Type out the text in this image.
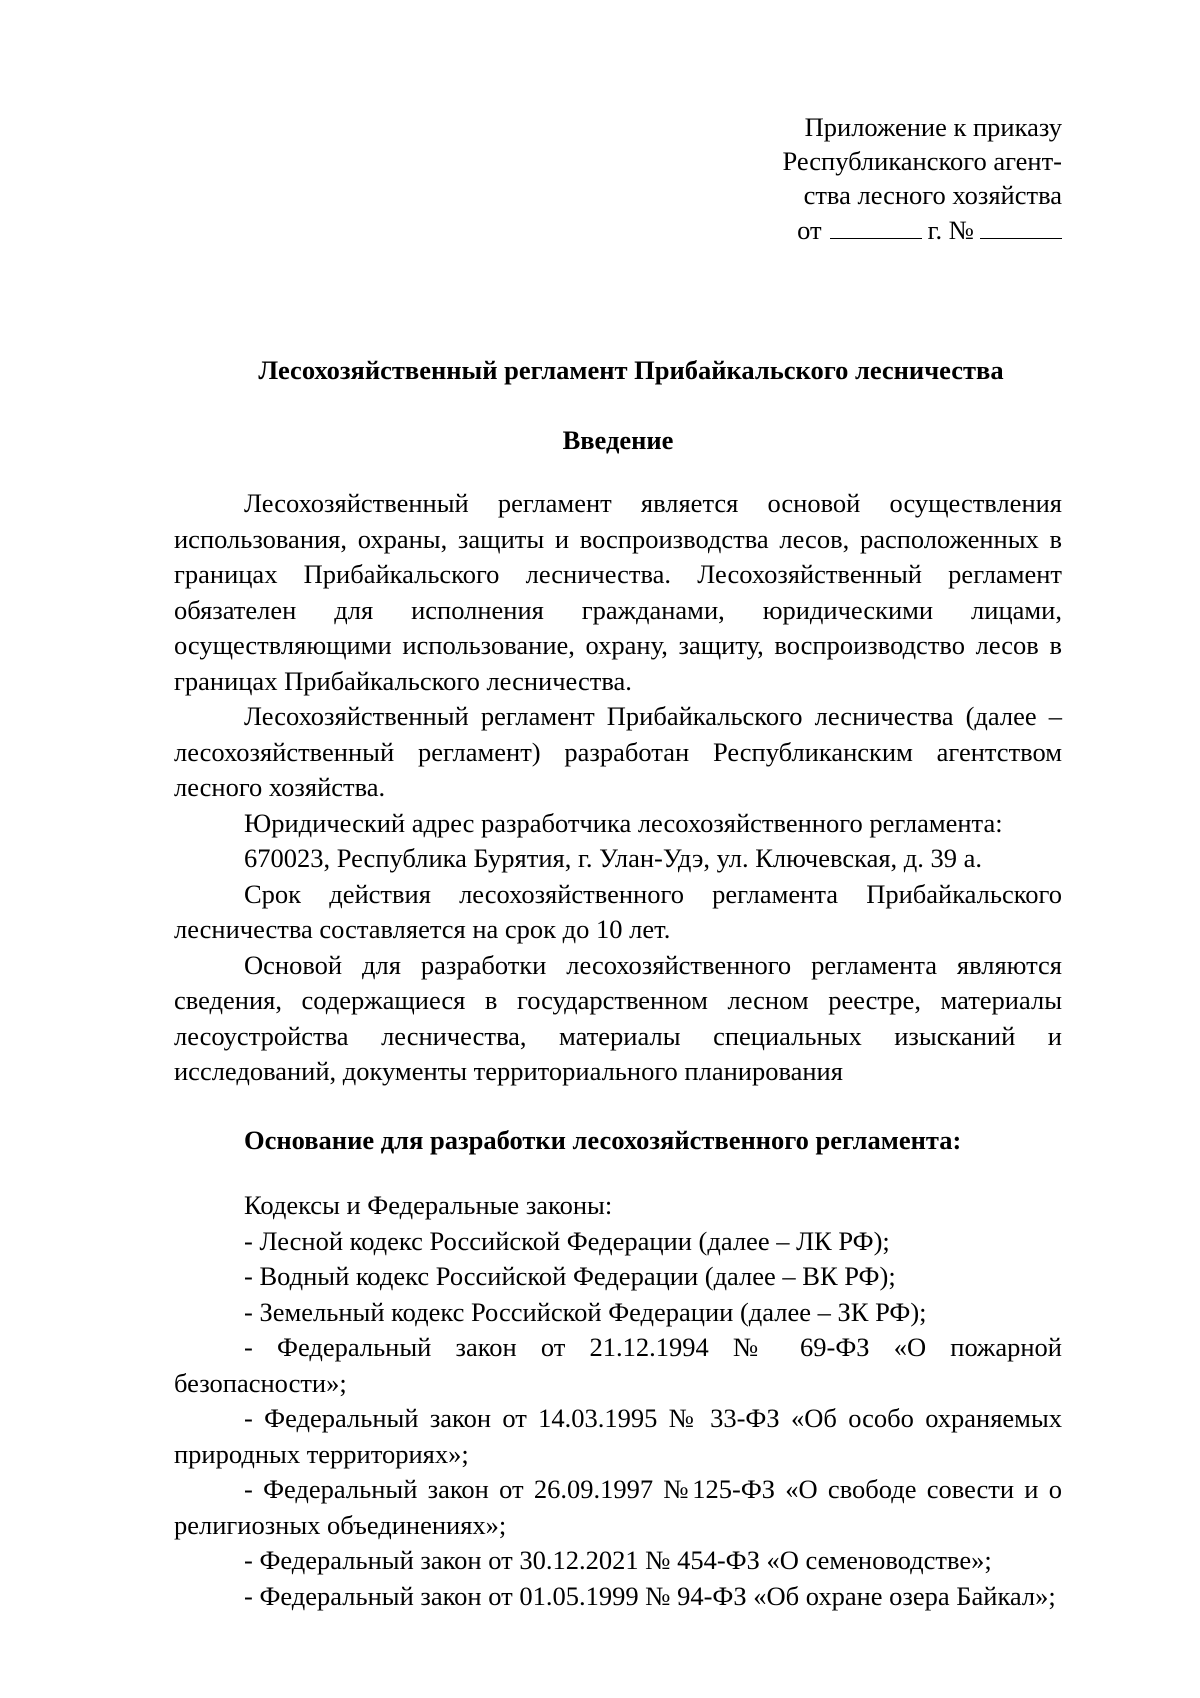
Приложение к приказу
Республиканского агент-
ства лесного хозяйства
от	г. №
Лесохозяйственный регламент Прибайкальского лесничества
Введение

Лесохозяйственный регламент является основой осуществления использования, охраны, защиты и воспроизводства лесов, расположенных в границах Прибайкальского лесничества. Лесохозяйственный регламент обязателен для исполнения гражданами, юридическими лицами, осуществляющими использование, охрану, защиту, воспроизводство лесов в границах Прибайкальского лесничества.

Лесохозяйственный регламент Прибайкальского лесничества (далее – лесохозяйственный регламент) разработан Республиканским агентством лесного хозяйства.

Юридический адрес разработчика лесохозяйственного регламента:

670023, Республика Бурятия, г. Улан-Удэ, ул. Ключевская, д. 39 а.

Срок действия лесохозяйственного регламента Прибайкальского лесничества составляется на срок до 10 лет.

Основой для разработки лесохозяйственного регламента являются сведения, содержащиеся в государственном лесном реестре, материалы лесоустройства лесничества, материалы специальных изысканий и исследований, документы территориального планирования

Основание для разработки лесохозяйственного регламента:

Кодексы и Федеральные законы:

- Лесной кодекс Российской Федерации (далее – ЛК РФ);

- Водный кодекс Российской Федерации (далее – ВК РФ);

- Земельный кодекс Российской Федерации (далее – ЗК РФ);

- Федеральный закон от 21.12.1994 № 69-ФЗ «О пожарной безопасности»;

- Федеральный закон от 14.03.1995 № 33-ФЗ «Об особо охраняемых природных территориях»;

- Федеральный закон от 26.09.1997 №125-ФЗ «О свободе совести и о религиозных объединениях»;

- Федеральный закон от 30.12.2021 № 454-ФЗ «О семеноводстве»;

- Федеральный закон от 01.05.1999 № 94-ФЗ «Об охране озера Байкал»;
